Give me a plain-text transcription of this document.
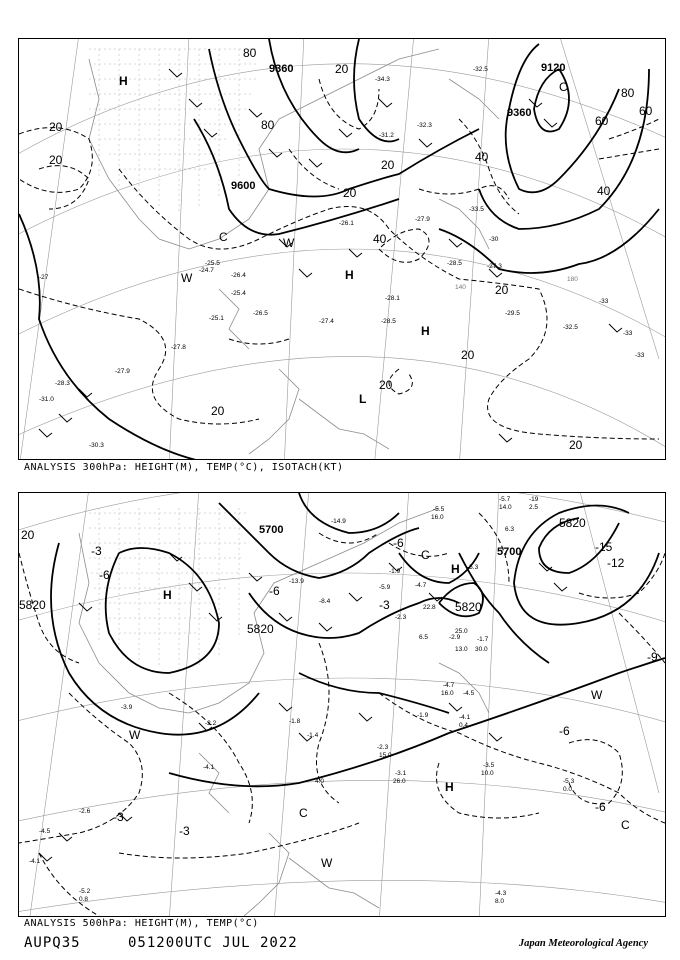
9360	9120
9360
9600
20
20
20
20
20
20
20
40
40
40
60
60
80
80
80
20
20
20
H
H
H
L
C
W
W
C
-33.5
-32.5
-34.3
-31.2
-32.3
-28.5
-27.9
-26.1
-28.1
-28.5
-27.3
-29.5
-32.5
-25.5
-24.7
-26.4
-25.4
-25.1
-27.8
-26.5
-27.4
-27.9
-30.3
-28.3
-31.0
-33
-33
-33
-27
-30
140
180
ANALYSIS 300hPa: HEIGHT(M), TEMP(°C), ISOTACH(KT)
5700
5700
5820
5820
5820
5820
-15
-12
-9
-6
-6
-3
-3
-3
-6
-6
-3
-6
20
H
H
H
C
C
W
W
W
C
-5.7
14.0
-19
2.5
-5.5
16.0
6.3
-1.9
-14.9
-13.9
-8.4
-5.3
22.8
-5.9	-4.7
6.5
-2.3
-2.9
25.0
-1.7
13.0 30.0
-4.7
16.0 -4.5
-1.4
4.0
-4.1
0.4
-1.9
26.0
-3.1
15.0
-2.3
-3.5
10.0
-5.3
0.0
-4.3
8.0
-2.6
-1.8
-2.2
-4.1
-3.9
-4.5
-4.1
-5.2
0.8
ANALYSIS 500hPa: HEIGHT(M), TEMP(°C)
AUPQ35	051200UTC JUL 2022	Japan Meteorological Agency
